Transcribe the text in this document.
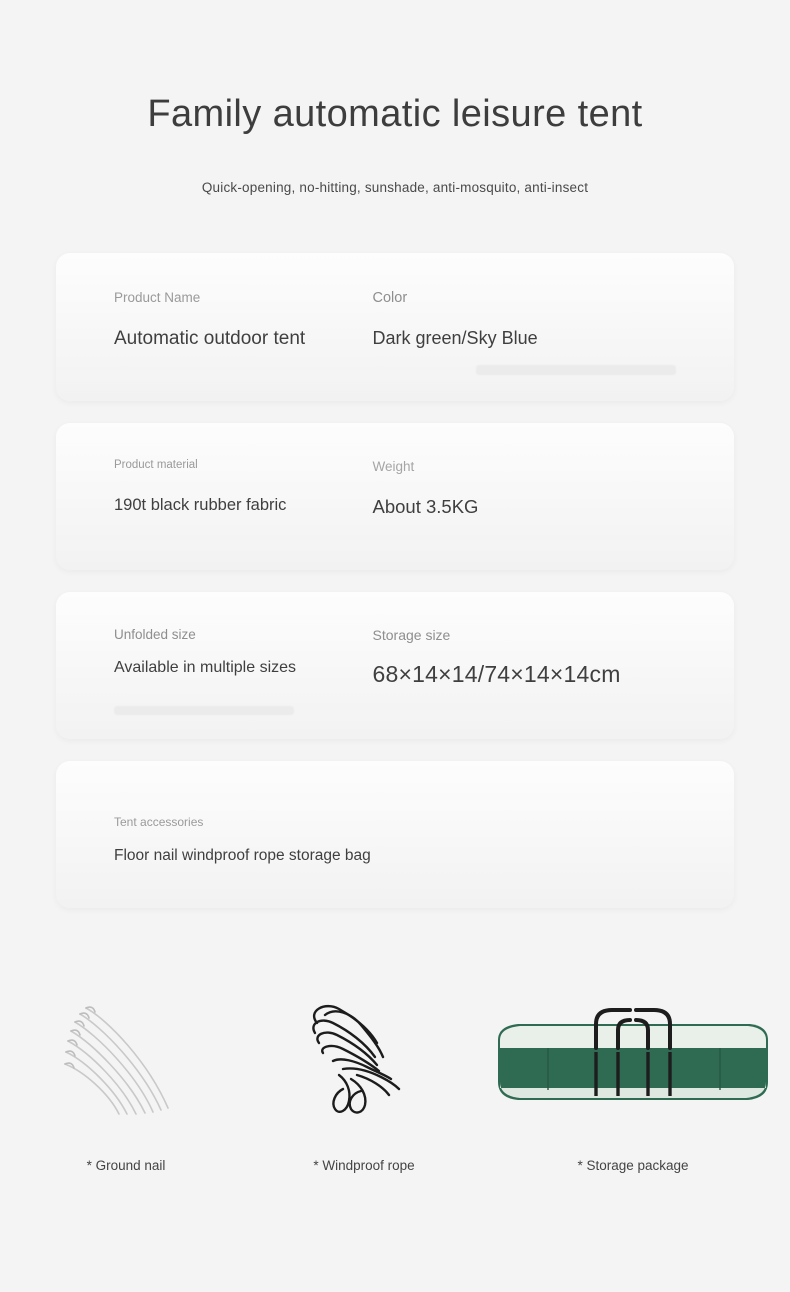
Family automatic leisure tent
Quick-opening, no-hitting, sunshade, anti-mosquito, anti-insect
Product Name
Automatic outdoor tent
Color
Dark green/Sky Blue
Product material
190t black rubber fabric
Weight
About 3.5KG
Unfolded size
Available in multiple sizes
Storage size
68×14×14/74×14×14cm
Tent accessories
Floor nail windproof rope storage bag
* Ground nail	* Windproof rope	* Storage package
